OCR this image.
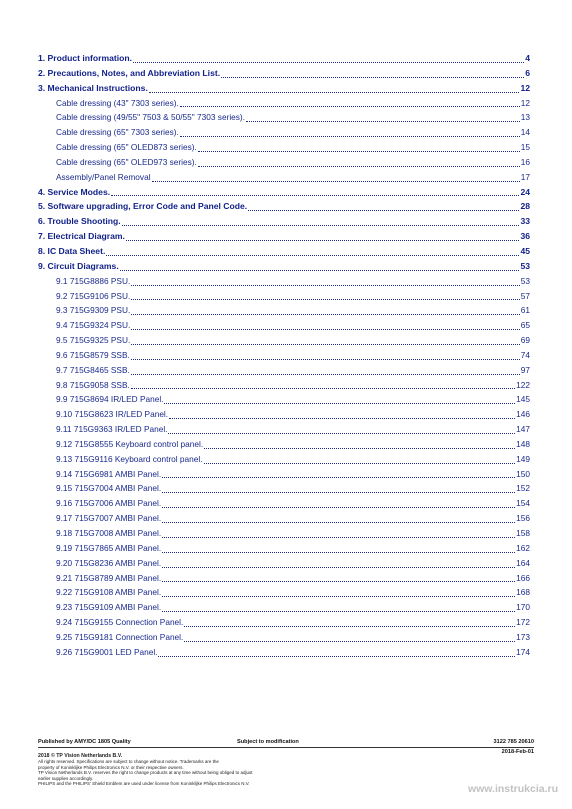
1. Product information.	4
2. Precautions, Notes, and Abbreviation List.	6
3. Mechanical Instructions.	12
Cable dressing (43" 7303 series).	12
Cable dressing (49/55" 7503 & 50/55" 7303 series).	13
Cable dressing (65" 7303 series).	14
Cable dressing (65" OLED873 series).	15
Cable dressing (65" OLED973 series).	16
Assembly/Panel Removal	17
4. Service Modes.	24
5. Software upgrading, Error Code and Panel Code.	28
6. Trouble Shooting.	33
7. Electrical Diagram.	36
8. IC Data Sheet.	45
9. Circuit Diagrams.	53
9.1 715G8886 PSU.	53
9.2 715G9106 PSU.	57
9.3 715G9309 PSU.	61
9.4 715G9324 PSU.	65
9.5 715G9325 PSU.	69
9.6 715G8579 SSB.	74
9.7 715G8465 SSB.	97
9.8 715G9058 SSB.	122
9.9 715G8694 IR/LED Panel.	145
9.10 715G8623 IR/LED Panel.	146
9.11 715G9363 IR/LED Panel.	147
9.12 715G8555 Keyboard control panel.	148
9.13 715G9116 Keyboard control panel.	149
9.14 715G6981 AMBI Panel.	150
9.15 715G7004 AMBI Panel.	152
9.16 715G7006 AMBI Panel.	154
9.17 715G7007 AMBI Panel.	156
9.18 715G7008 AMBI Panel.	158
9.19 715G7865 AMBI Panel.	162
9.20 715G8236 AMBI Panel.	164
9.21 715G8789 AMBI Panel.	166
9.22 715G9108 AMBI Panel.	168
9.23 715G9109 AMBI Panel.	170
9.24 715G9155 Connection Panel.	172
9.25 715G9181 Connection Panel.	173
9.26 715G9001 LED Panel.	174
Published by AMY/DC 1805 Quality	Subject to modification	3122 785 20610
2018-Feb-01
2018 © TP Vision Netherlands B.V.
All rights reserved. Specifications are subject to change without notice. Trademarks are the
property of Koninklijke Philips Electronics N.V. or their respective owners.
TP Vision Netherlands B.V. reserves the right to change products at any time without being obliged to adjust
earlier supplies accordingly.
PHILIPS and the PHILIPS' Shield Emblem are used under license from Koninklijke Philips Electronics N.V.	www.instrukcia.ru
